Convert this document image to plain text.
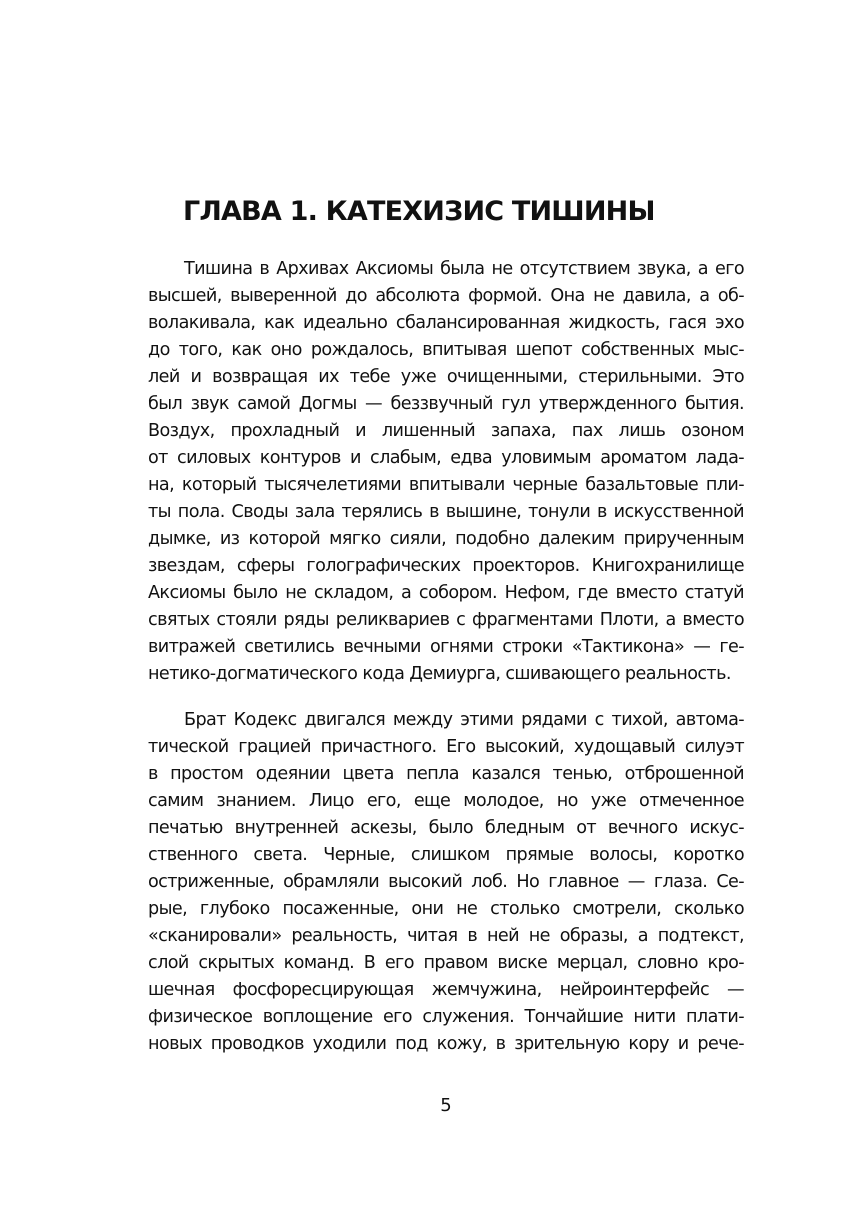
ГЛАВА 1. КАТЕХИЗИС ТИШИНЫ
Тишина в Архивах Аксиомы была не отсутствием звука, а его
высшей, выверенной до абсолюта формой. Она не давила, а об-
волакивала, как идеально сбалансированная жидкость, гася эхо
до того, как оно рождалось, впитывая шепот собственных мыс-
лей и возвращая их тебе уже очищенными, стерильными. Это
был звук самой Догмы — беззвучный гул утвержденного бытия.
Воздух, прохладный и лишенный запаха, пах лишь озоном
от силовых контуров и слабым, едва уловимым ароматом лада-
на, который тысячелетиями впитывали черные базальтовые пли-
ты пола. Своды зала терялись в вышине, тонули в искусственной
дымке, из которой мягко сияли, подобно далеким прирученным
звездам, сферы голографических проекторов. Книгохранилище
Аксиомы было не складом, а собором. Нефом, где вместо статуй
святых стояли ряды реликвариев с фрагментами Плоти, а вместо
витражей светились вечными огнями строки «Тактикона» — ге-
нетико-догматического кода Демиурга, сшивающего реальность.
Брат Кодекс двигался между этими рядами с тихой, автома-
тической грацией причастного. Его высокий, худощавый силуэт
в простом одеянии цвета пепла казался тенью, отброшенной
самим знанием. Лицо его, еще молодое, но уже отмеченное
печатью внутренней аскезы, было бледным от вечного искус-
ственного света. Черные, слишком прямые волосы, коротко
остриженные, обрамляли высокий лоб. Но главное — глаза. Се-
рые, глубоко посаженные, они не столько смотрели, сколько
«сканировали» реальность, читая в ней не образы, а подтекст,
слой скрытых команд. В его правом виске мерцал, словно кро-
шечная фосфоресцирующая жемчужина, нейроинтерфейс —
физическое воплощение его служения. Тончайшие нити плати-
новых проводков уходили под кожу, в зрительную кору и рече-
5
